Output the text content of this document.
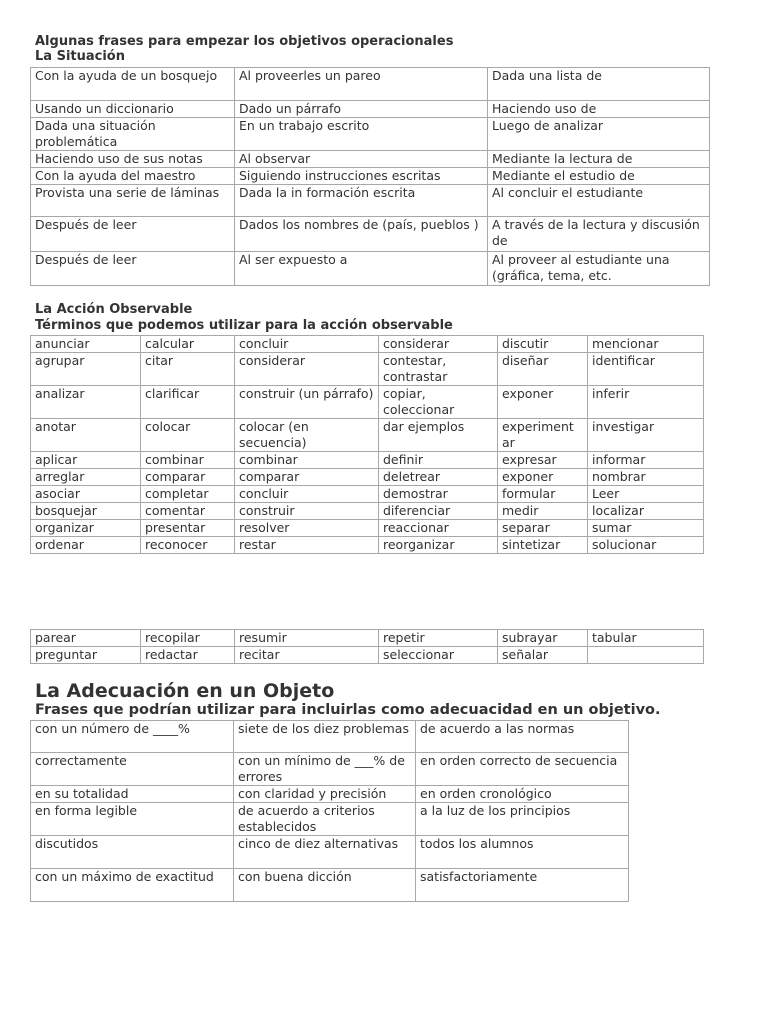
Algunas frases para empezar los objetivos operacionales
La Situación
Con la ayuda de un bosquejo	Al proveerles un pareo	Dada una lista de
Usando un diccionario	Dado un párrafo	Haciendo uso de
Dada una situación problemática	En un trabajo escrito	Luego de analizar
Haciendo uso de sus notas	Al observar	Mediante la lectura de
Con la ayuda del maestro	Siguiendo instrucciones escritas	Mediante el estudio de
Provista una serie de láminas	Dada la in formación escrita	Al concluir el estudiante
Después de leer	Dados los nombres de (país, pueblos )	A través de la lectura y discusión de
Después de leer	Al ser expuesto a	Al proveer al estudiante una (gráfica, tema, etc.
La Acción Observable
Términos que podemos utilizar para la acción observable
anunciar	calcular	concluir	considerar	discutir	mencionar
agrupar	citar	considerar	contestar, contrastar	diseñar	identificar
analizar	clarificar	construir (un párrafo)	copiar, coleccionar	exponer	inferir
anotar	colocar	colocar (en secuencia)	dar ejemplos	experiment ar	investigar
aplicar	combinar	combinar	definir	expresar	informar
arreglar	comparar	comparar	deletrear	exponer	nombrar
asociar	completar	concluir	demostrar	formular	Leer
bosquejar	comentar	construir	diferenciar	medir	localizar
organizar	presentar	resolver	reaccionar	separar	sumar
ordenar	reconocer	restar	reorganizar	sintetizar	solucionar
parear	recopilar	resumir	repetir	subrayar	tabular
preguntar	redactar	recitar	seleccionar	señalar	
La Adecuación en un Objeto
Frases que podrían utilizar para incluirlas como adecuacidad en un objetivo.
con un número de ____%	siete de los diez problemas	de acuerdo a las normas
correctamente	con un mínimo de ___% de errores	en orden correcto de secuencia
en su totalidad	con claridad y precisión	en orden cronológico
en forma legible	de acuerdo a criterios establecidos	a la luz de los principios
discutidos	cinco de diez alternativas	todos los alumnos
con un máximo de exactitud	con buena dicción	satisfactoriamente
